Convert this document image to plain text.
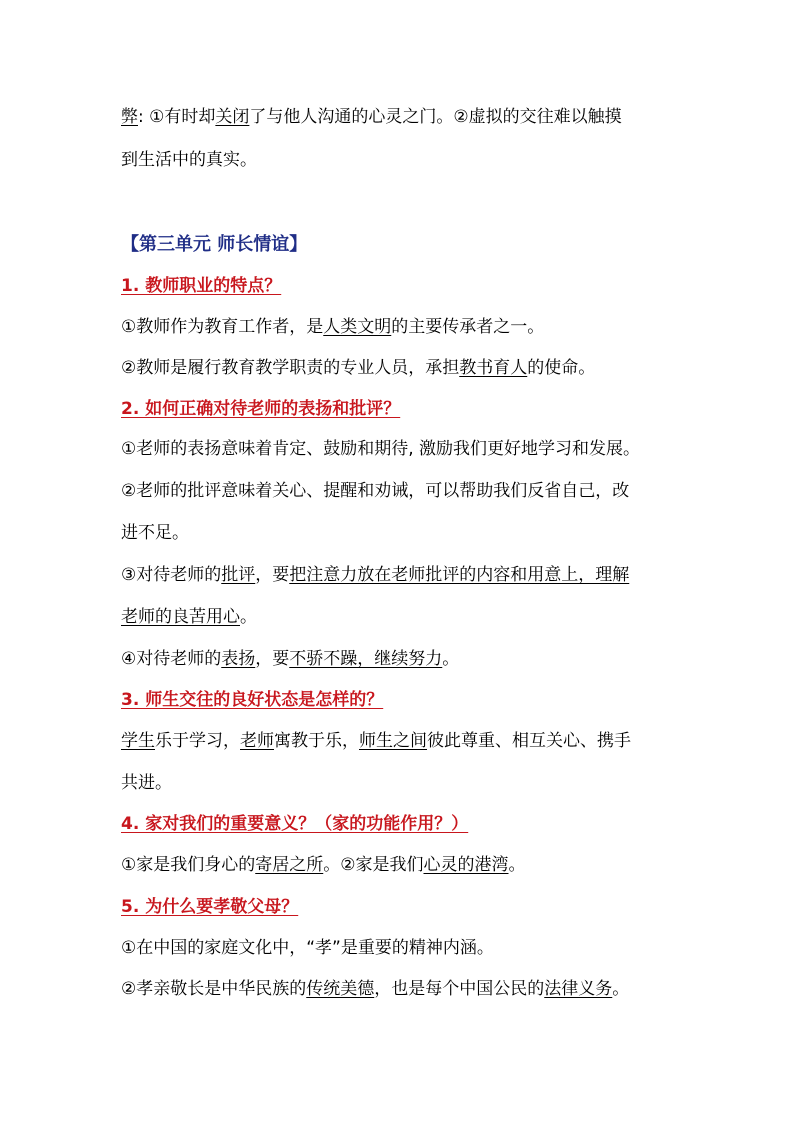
弊: ①有时却关闭了与他人沟通的心灵之门。②虚拟的交往难以触摸
到生活中的真实。
【第三单元 师长情谊】
1. 教师职业的特点？
①教师作为教育工作者，是人类文明的主要传承者之一。
②教师是履行教育教学职责的专业人员，承担教书育人的使命。
2. 如何正确对待老师的表扬和批评？
①老师的表扬意味着肯定、鼓励和期待, 激励我们更好地学习和发展。
②老师的批评意味着关心、提醒和劝诫，可以帮助我们反省自己，改
进不足。
③对待老师的批评，要把注意力放在老师批评的内容和用意上，理解
老师的良苦用心。
④对待老师的表扬，要不骄不躁，继续努力。
3. 师生交往的良好状态是怎样的？
学生乐于学习，老师寓教于乐，师生之间彼此尊重、相互关心、携手
共进。
4. 家对我们的重要意义？（家的功能作用？）
①家是我们身心的寄居之所。②家是我们心灵的港湾。
5. 为什么要孝敬父母？
①在中国的家庭文化中，“孝”是重要的精神内涵。
②孝亲敬长是中华民族的传统美德，也是每个中国公民的法律义务。
